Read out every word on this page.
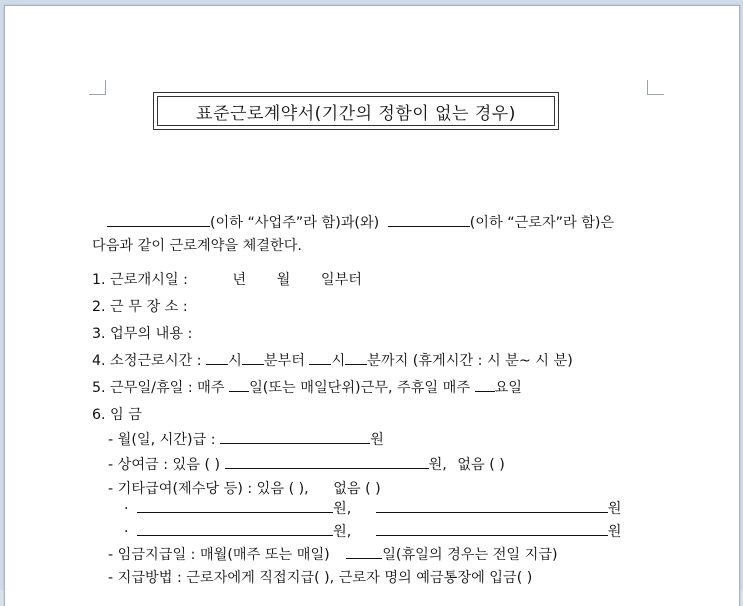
표준근로계약서(기간의 정함이 없는 경우)
(이하 “사업주”라 함)과(와)	(이하 “근로자”라 함)은
다음과 같이 근로계약을 체결한다.
1. 근로개시일 :	년 월 일부터
2. 근 무 장 소 :
3. 업무의 내용 :
4. 소정근로시간 : 시 분부터 시 분까지 (휴게시간 : 시 분~ 시 분)
5. 근무일/휴일 : 매주 일(또는 매일단위)근무, 주휴일 매주 요일
6. 임 금
- 월(일, 시간)급 :	원
- 상여금 : 있음 ( )	원, 없음 ( )
- 기타급여(제수당 등) : 있음 ( ), 없음 ( )
·	원,	원
·	원,	원
- 임금지급일 : 매월(매주 또는 매일)	일(휴일의 경우는 전일 지급)
- 지급방법 : 근로자에게 직접지급( ), 근로자 명의 예금통장에 입금( )
